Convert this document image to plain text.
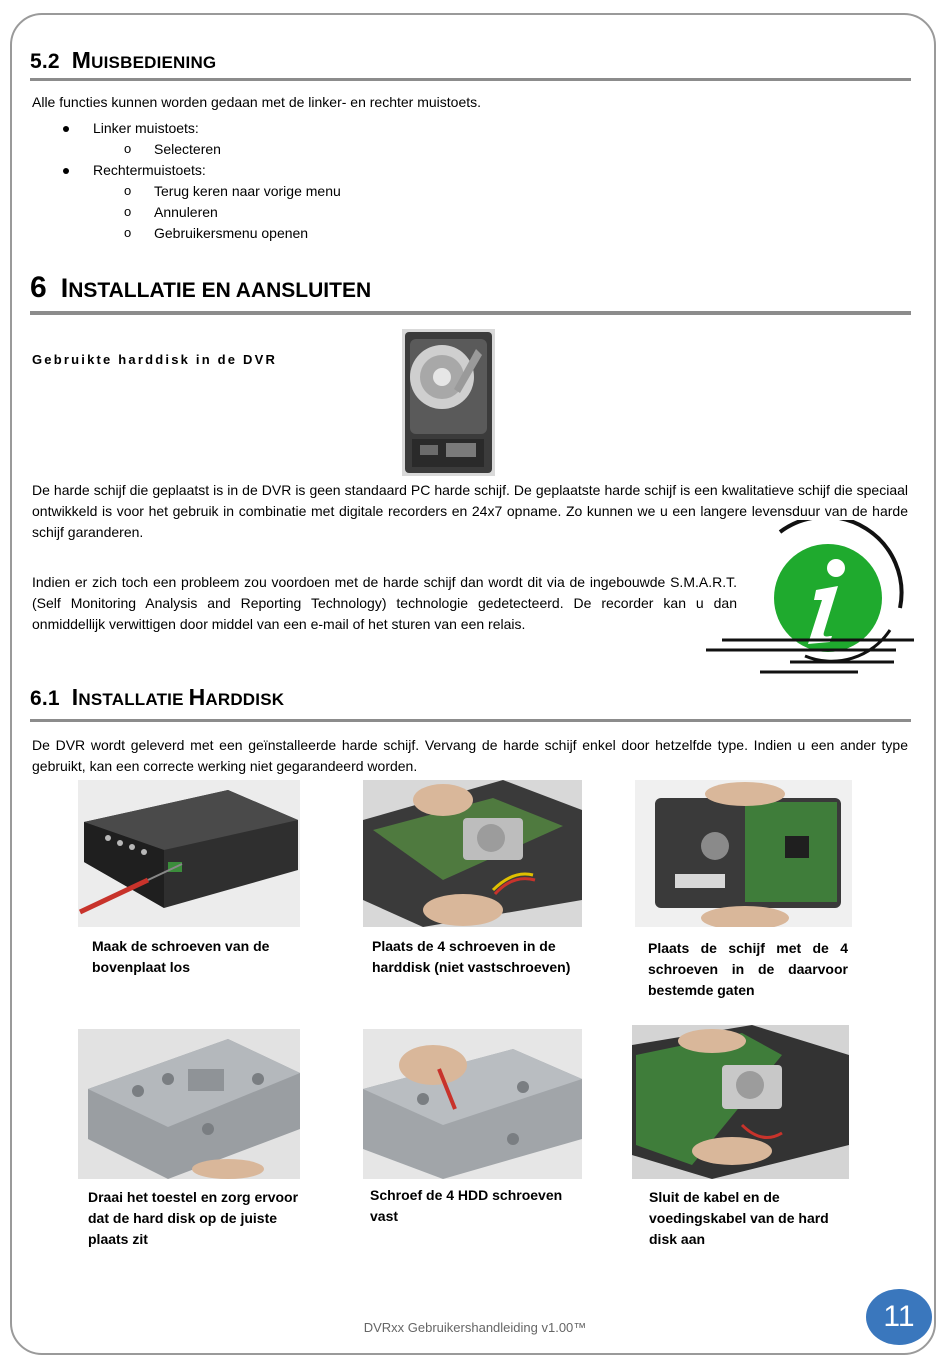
5.2 MUISBEDIENING
Alle functies kunnen worden gedaan met de linker- en rechter muistoets.
Linker muistoets:
o Selecteren
Rechtermuistoets:
o Terug keren naar vorige menu
o Annuleren
o Gebruikersmenu openen
6 INSTALLATIE EN AANSLUITEN
Gebruikte harddisk in de DVR
De harde schijf die geplaatst is in de DVR is geen standaard PC harde schijf. De geplaatste harde schijf is een kwalitatieve schijf die speciaal ontwikkeld is voor het gebruik in combinatie met digitale recorders en 24x7 opname. Zo kunnen we u een langere levensduur van de harde schijf garanderen.
Indien er zich toch een probleem zou voordoen met de harde schijf dan wordt dit via de ingebouwde S.M.A.R.T. (Self Monitoring Analysis and Reporting Technology) technologie gedetecteerd. De recorder kan u dan onmiddellijk verwittigen door middel van een e-mail of het sturen van een relais.
6.1 INSTALLATIE HARDDISK
De DVR wordt geleverd met een geïnstalleerde harde schijf. Vervang de harde schijf enkel door hetzelfde type. Indien u een ander type gebruikt, kan een correcte werking niet gegarandeerd worden.
Maak de schroeven van de bovenplaat los
Plaats de 4 schroeven in de harddisk (niet vastschroeven)
Plaats de schijf met de 4 schroeven in de daarvoor bestemde gaten
Draai het toestel en zorg ervoor dat de hard disk op de juiste plaats zit
Schroef de 4 HDD schroeven vast
Sluit de kabel en de voedingskabel van de hard disk aan
DVRxx Gebruikershandleiding v1.00™	11
